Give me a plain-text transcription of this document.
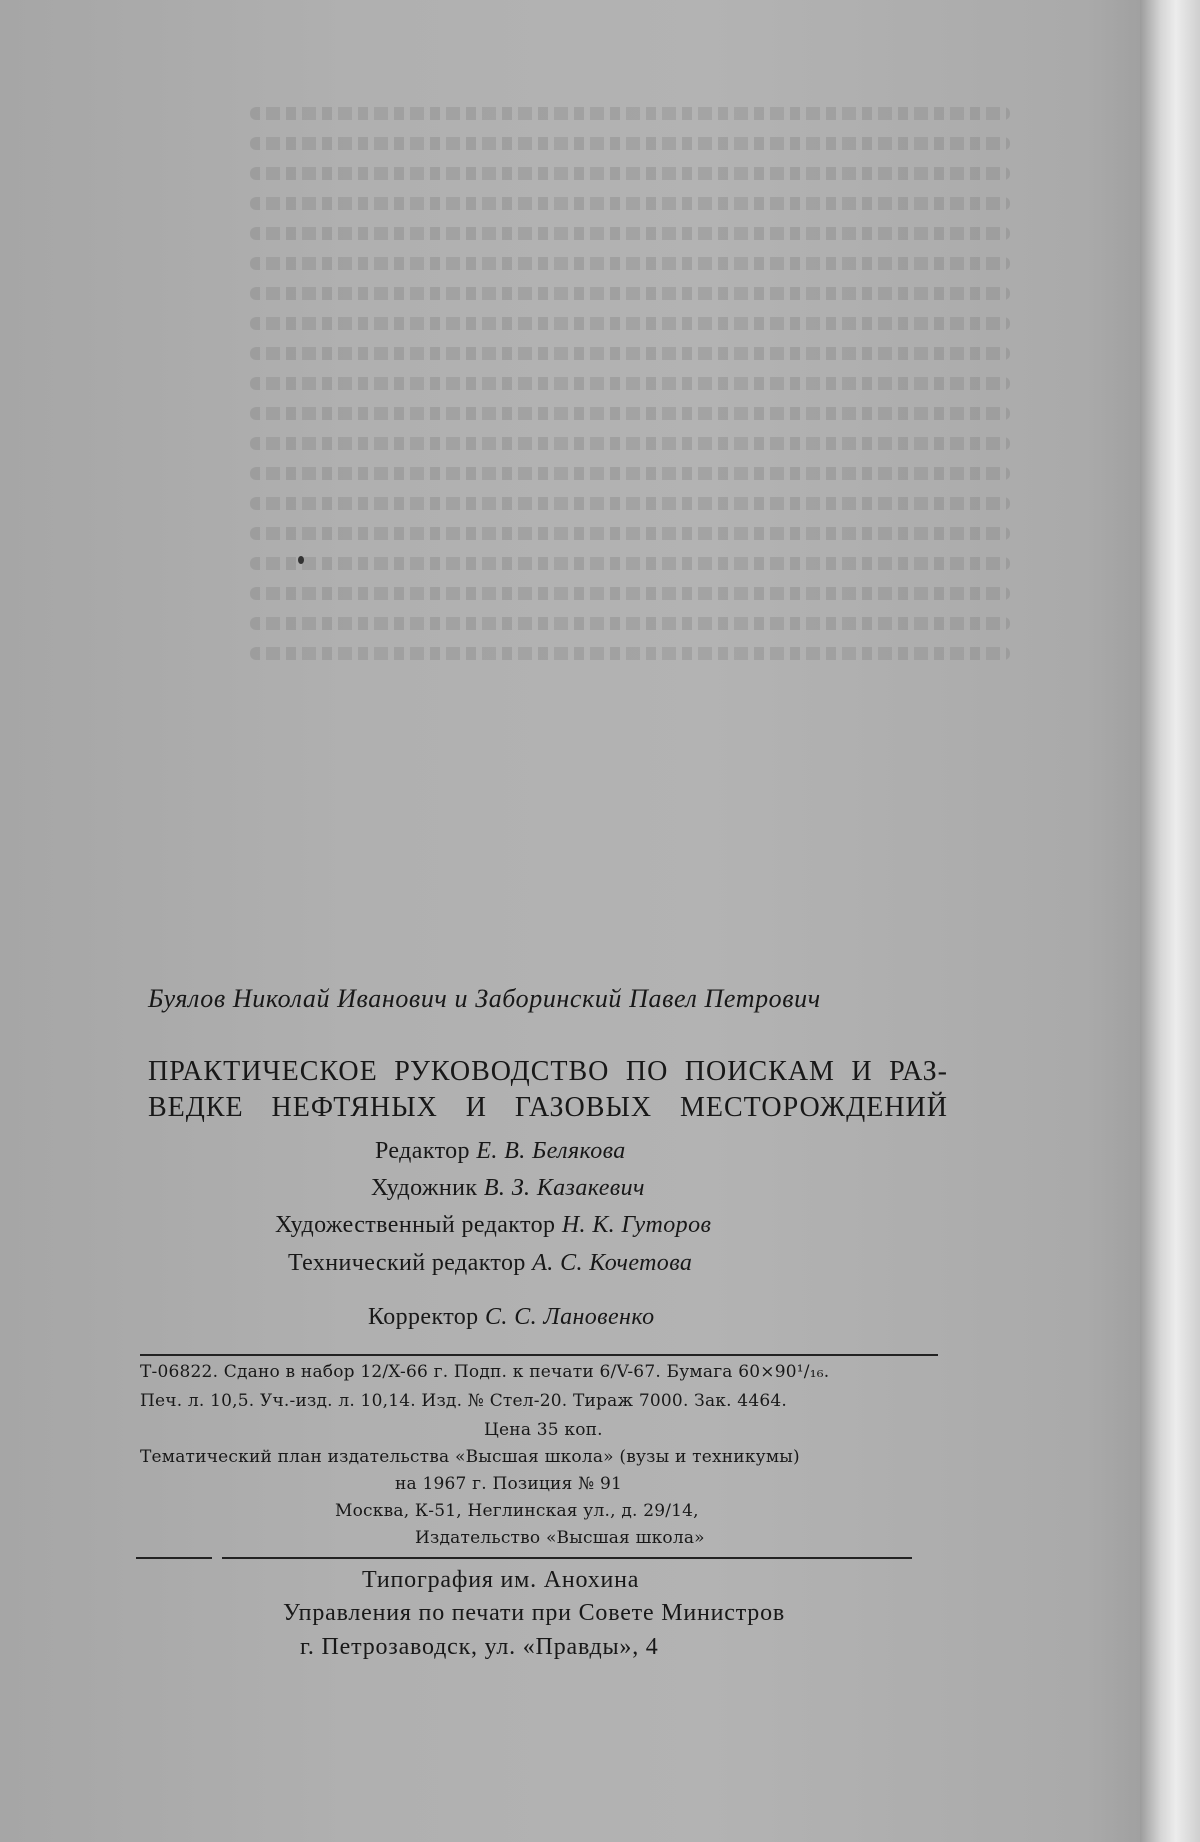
Буялов Николай Иванович и Заборинский Павел Петрович
ПРАКТИЧЕСКОЕ РУКОВОДСТВО ПО ПОИСКАМ И РАЗ-
ВЕДКЕ НЕФТЯНЫХ И ГАЗОВЫХ МЕСТОРОЖДЕНИЙ
Редактор Е. В. Белякова
Художник В. З. Казакевич
Художественный редактор Н. К. Гуторов
Технический редактор А. С. Кочетова
Корректор С. С. Лановенко
Т-06822. Сдано в набор 12/X-66 г. Подп. к печати 6/V-67. Бумага 60×90¹/₁₆.
Печ. л. 10,5. Уч.-изд. л. 10,14. Изд. № Стел-20. Тираж 7000. Зак. 4464.
Цена 35 коп.
Тематический план издательства «Высшая школа» (вузы и техникумы)
на 1967 г. Позиция № 91
Москва, К-51, Неглинская ул., д. 29/14,
Издательство «Высшая школа»
Типография им. Анохина
Управления по печати при Совете Министров
г. Петрозаводск, ул. «Правды», 4
